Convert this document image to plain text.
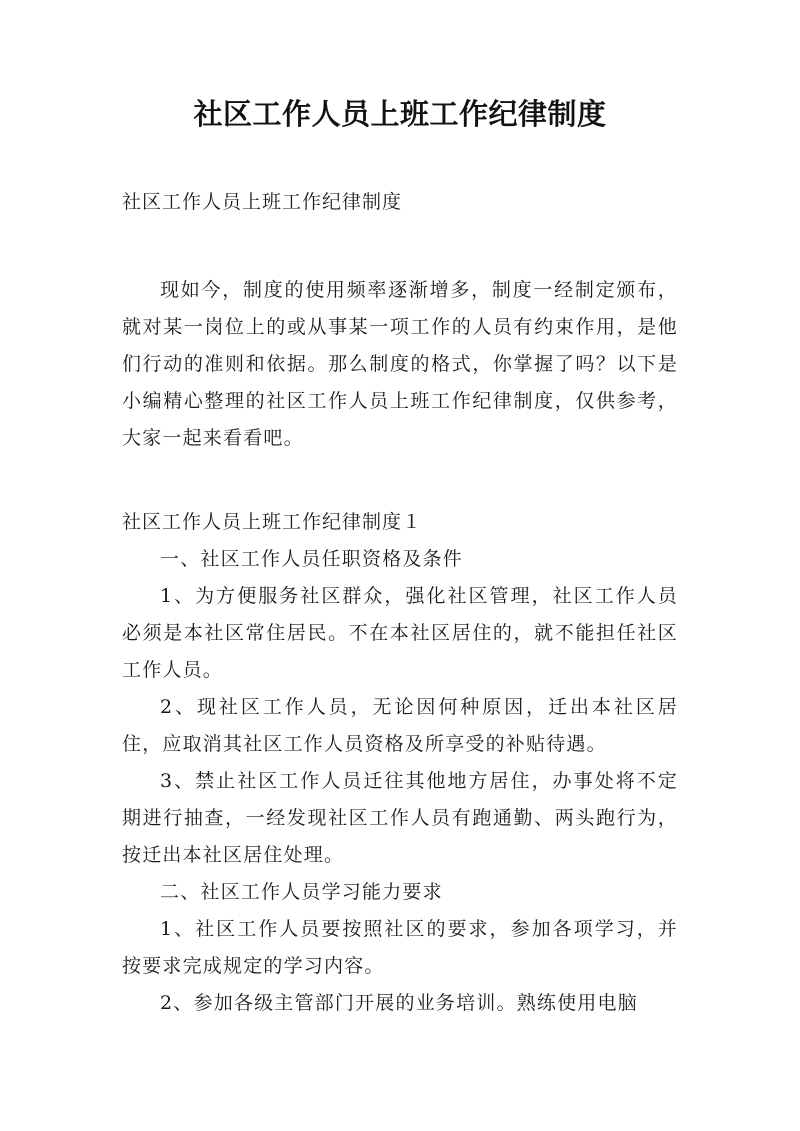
社区工作人员上班工作纪律制度

社区工作人员上班工作纪律制度

现如今，制度的使用频率逐渐增多，制度一经制定颁布，就对某一岗位上的或从事某一项工作的人员有约束作用，是他们行动的准则和依据。那么制度的格式，你掌握了吗？以下是小编精心整理的社区工作人员上班工作纪律制度，仅供参考，大家一起来看看吧。

社区工作人员上班工作纪律制度１

一、社区工作人员任职资格及条件

1、为方便服务社区群众，强化社区管理，社区工作人员必须是本社区常住居民。不在本社区居住的，就不能担任社区工作人员。

2、现社区工作人员，无论因何种原因，迁出本社区居住，应取消其社区工作人员资格及所享受的补贴待遇。

3、禁止社区工作人员迁往其他地方居住，办事处将不定期进行抽查，一经发现社区工作人员有跑通勤、两头跑行为，按迁出本社区居住处理。

二、社区工作人员学习能力要求

1、社区工作人员要按照社区的要求，参加各项学习，并按要求完成规定的学习内容。

2、参加各级主管部门开展的业务培训。熟练使用电脑
